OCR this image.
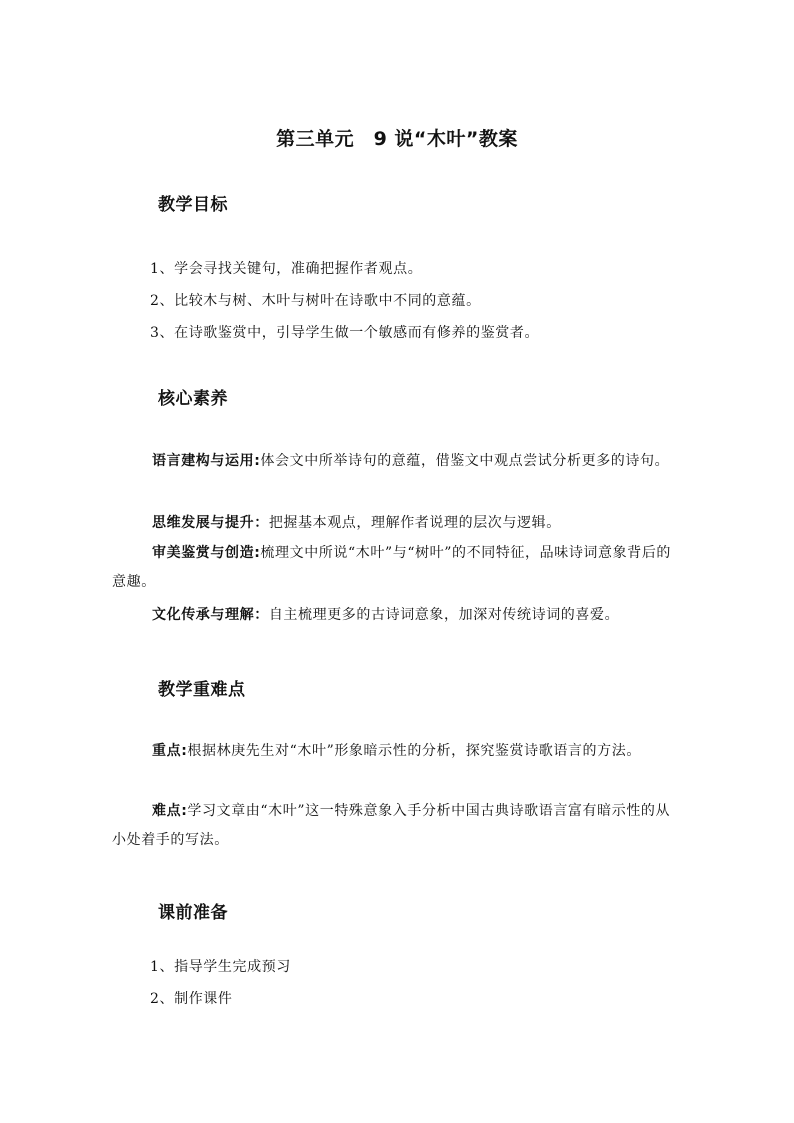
第三单元　9 说“木叶”教案
教学目标
1、学会寻找关键句，准确把握作者观点。
2、比较木与树、木叶与树叶在诗歌中不同的意蕴。
3、在诗歌鉴赏中，引导学生做一个敏感而有修养的鉴赏者。
核心素养
语言建构与运用:体会文中所举诗句的意蕴，借鉴文中观点尝试分析更多的诗句。
思维发展与提升：把握基本观点，理解作者说理的层次与逻辑。
审美鉴赏与创造:梳理文中所说“木叶”与“树叶”的不同特征，品味诗词意象背后的意趣。
文化传承与理解：自主梳理更多的古诗词意象，加深对传统诗词的喜爱。
教学重难点
重点:根据林庚先生对“木叶”形象暗示性的分析，探究鉴赏诗歌语言的方法。
难点:学习文章由“木叶”这一特殊意象入手分析中国古典诗歌语言富有暗示性的从小处着手的写法。
课前准备
1、指导学生完成预习
2、制作课件
